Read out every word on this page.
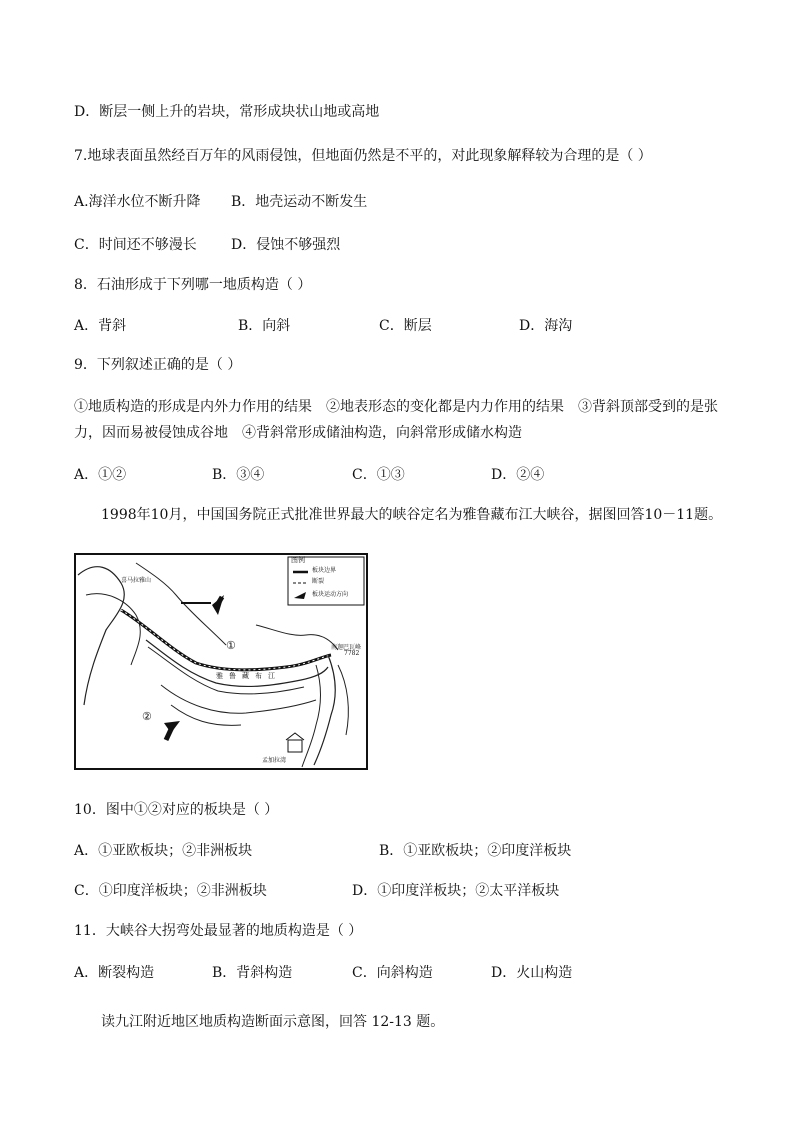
D．断层一侧上升的岩块，常形成块状山地或高地
7.地球表面虽然经百万年的风雨侵蚀，但地面仍然是不平的，对此现象解释较为合理的是（ ）
A.海洋水位不断升降 B．地壳运动不断发生
C．时间还不够漫长 D．侵蚀不够强烈
8．石油形成于下列哪一地质构造（ ）
A．背斜	B．向斜	C．断层	D．海沟
9．下列叙述正确的是（ ）
①地质构造的形成是内外力作用的结果　②地表形态的变化都是内力作用的结果　③背斜顶部受到的是张
力，因而易被侵蚀成谷地　④背斜常形成储油构造，向斜常形成储水构造
A．①②	B．③④	C．①③	D．②④
1998年10月，中国国务院正式批准世界最大的峡谷定名为雅鲁藏布江大峡谷，据图回答10－11题。
图例
板块边界
断裂
板块运动方向
①
②
南迦巴瓦峰
7782
喜马拉雅山
雅鲁藏布江
孟加拉湾
10．图中①②对应的板块是（ ）
A．①亚欧板块；②非洲板块	B．①亚欧板块；②印度洋板块
C．①印度洋板块；②非洲板块	D．①印度洋板块；②太平洋板块
11．大峡谷大拐弯处最显著的地质构造是（ ）
A．断裂构造	B．背斜构造	C．向斜构造	D．火山构造
读九江附近地区地质构造断面示意图，回答 12-13 题。
